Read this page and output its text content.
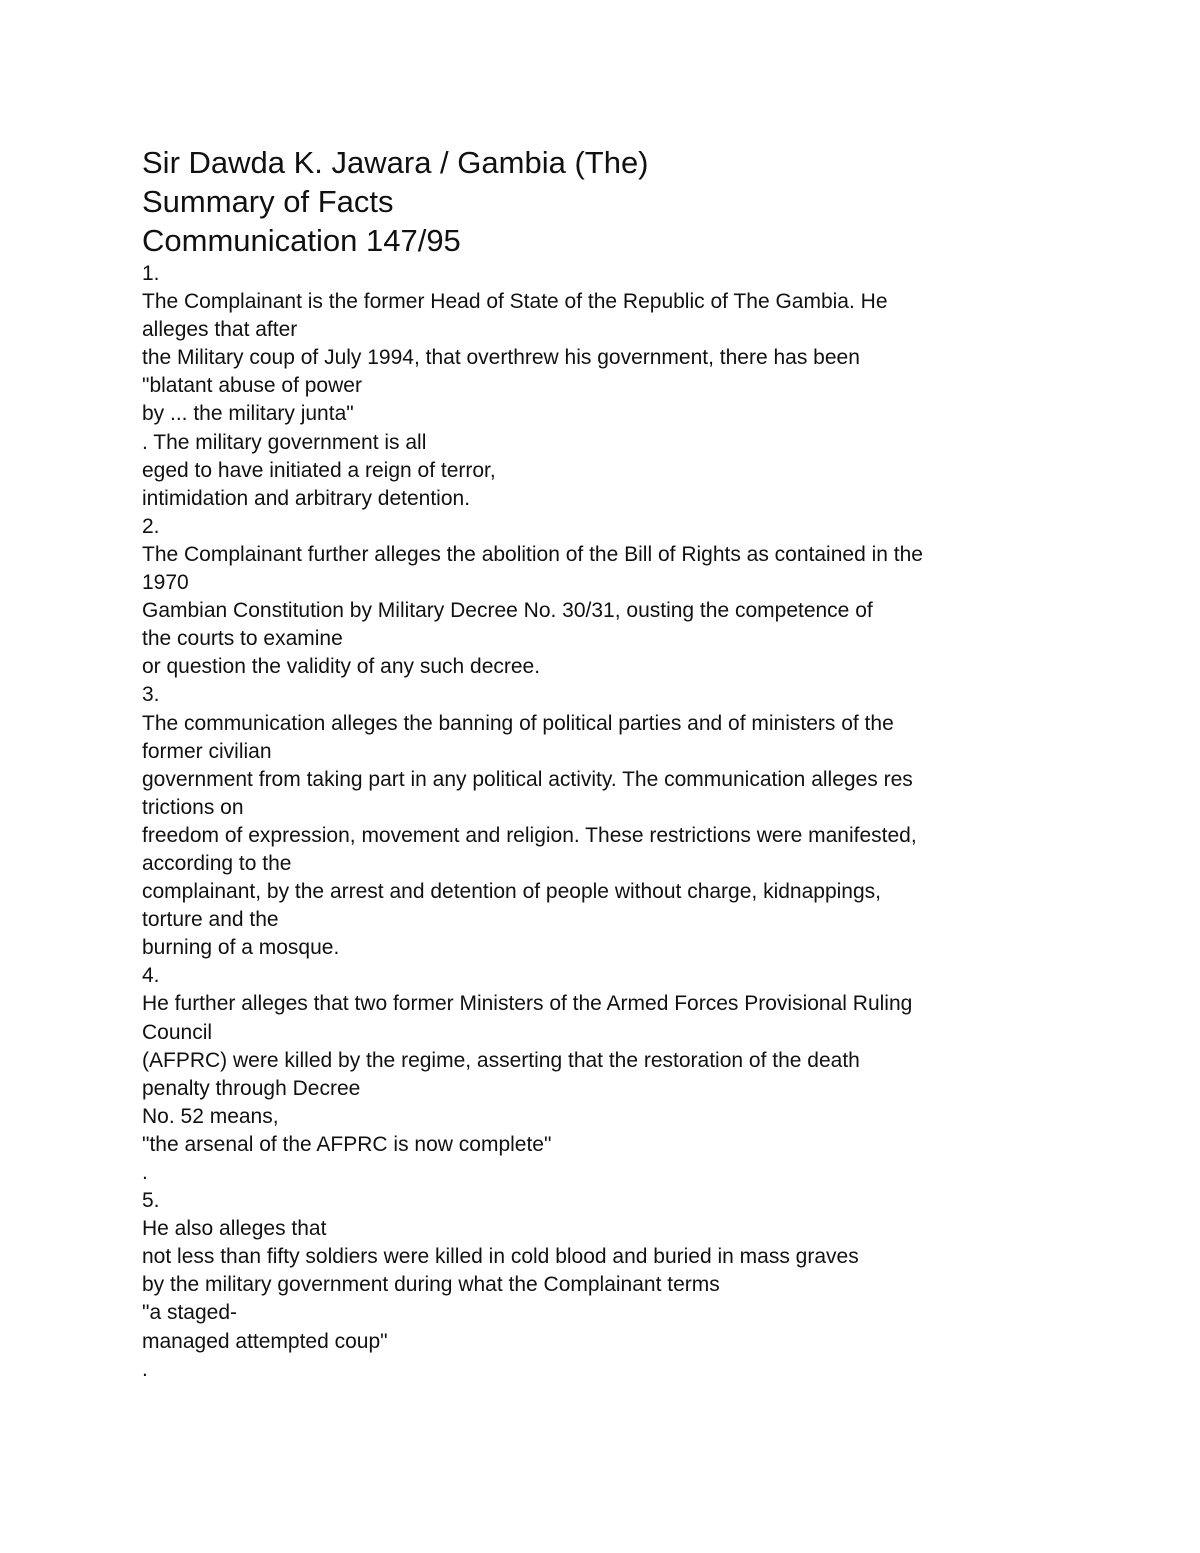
Sir Dawda K. Jawara / Gambia (The)
Summary of Facts
Communication 147/95

1.

The Complainant is the former Head of State of the Republic of The Gambia. He

alleges that after

the Military coup of July 1994, that overthrew his government, there has been

"blatant abuse of power

by ... the military junta"

. The military government is all

eged to have initiated a reign of terror,

intimidation and arbitrary detention.

2.

The Complainant further alleges the abolition of the Bill of Rights as contained in the

1970

Gambian Constitution by Military Decree No. 30/31, ousting the competence of

the courts to examine

or question the validity of any such decree.

3.

The communication alleges the banning of political parties and of ministers of the

former civilian

government from taking part in any political activity. The communication alleges res

trictions on

freedom of expression, movement and religion. These restrictions were manifested,

according to the

complainant, by the arrest and detention of people without charge, kidnappings,

torture and the

burning of a mosque.

4.

He further alleges that two former Ministers of the Armed Forces Provisional Ruling

Council

(AFPRC) were killed by the regime, asserting that the restoration of the death

penalty through Decree

No. 52 means,

"the arsenal of the AFPRC is now complete"

.

5.

He also alleges that

not less than fifty soldiers were killed in cold blood and buried in mass graves

by the military government during what the Complainant terms

"a staged-

managed attempted coup"

.
